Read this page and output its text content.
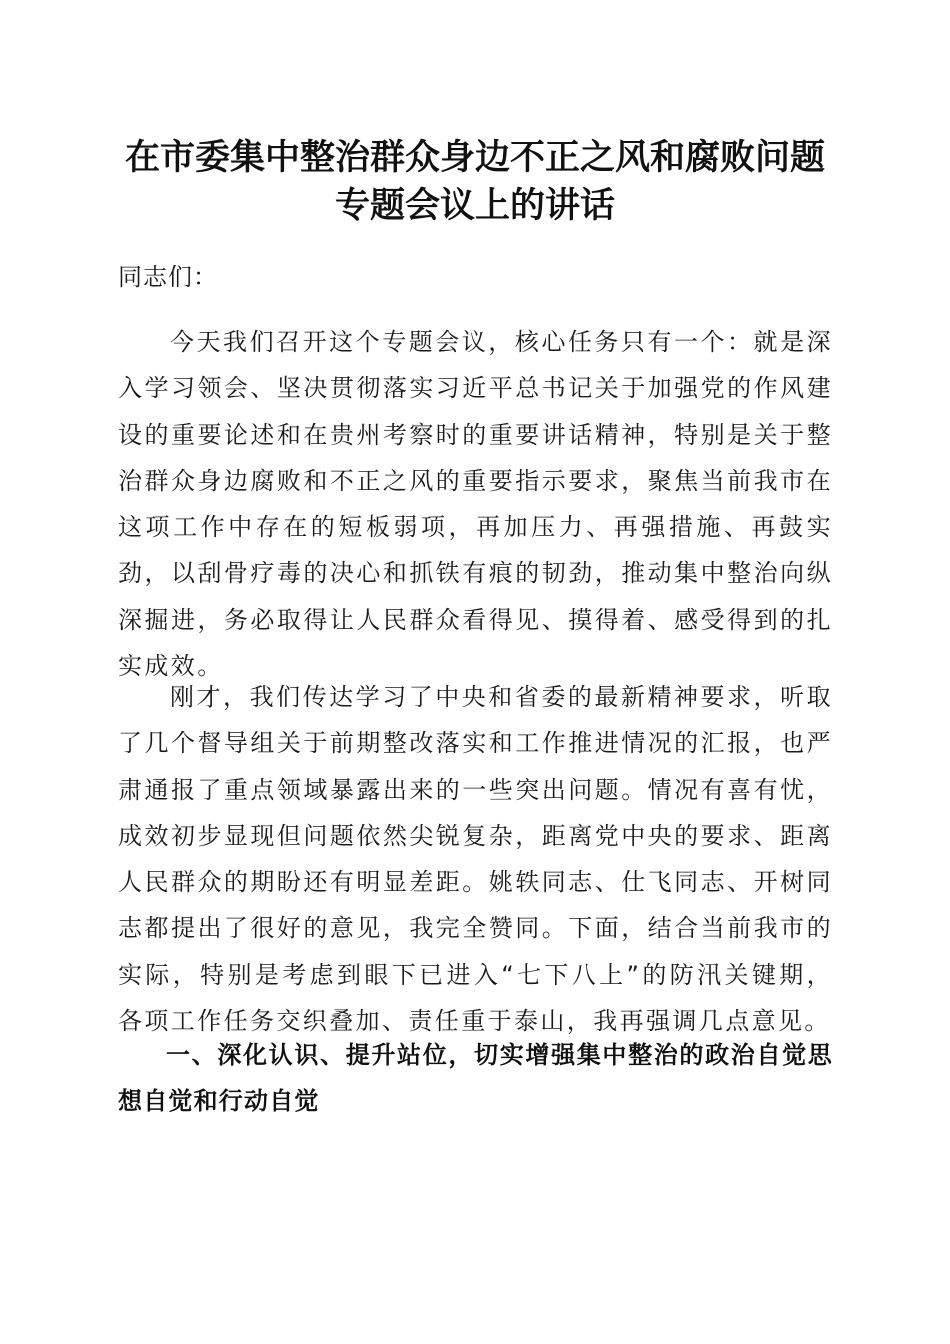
在市委集中整治群众身边不正之风和腐败问题
专题会议上的讲话

同志们：

今天我们召开这个专题会议，核心任务只有一个：就是深入学习领会、坚决贯彻落实习近平总书记关于加强党的作风建设的重要论述和在贵州考察时的重要讲话精神，特别是关于整治群众身边腐败和不正之风的重要指示要求，聚焦当前我市在这项工作中存在的短板弱项，再加压力、再强措施、再鼓实劲，以刮骨疗毒的决心和抓铁有痕的韧劲，推动集中整治向纵深掘进，务必取得让人民群众看得见、摸得着、感受得到的扎实成效。

刚才，我们传达学习了中央和省委的最新精神要求，听取了几个督导组关于前期整改落实和工作推进情况的汇报，也严肃通报了重点领域暴露出来的一些突出问题。情况有喜有忧，成效初步显现但问题依然尖锐复杂，距离党中央的要求、距离人民群众的期盼还有明显差距。姚轶同志、仕飞同志、开树同志都提出了很好的意见，我完全赞同。下面，结合当前我市的实际，特别是考虑到眼下已进入“七下八上”的防汛关键期，各项工作任务交织叠加、责任重于泰山，我再强调几点意见。

一、深化认识、提升站位，切实增强集中整治的政治自觉思想自觉和行动自觉
